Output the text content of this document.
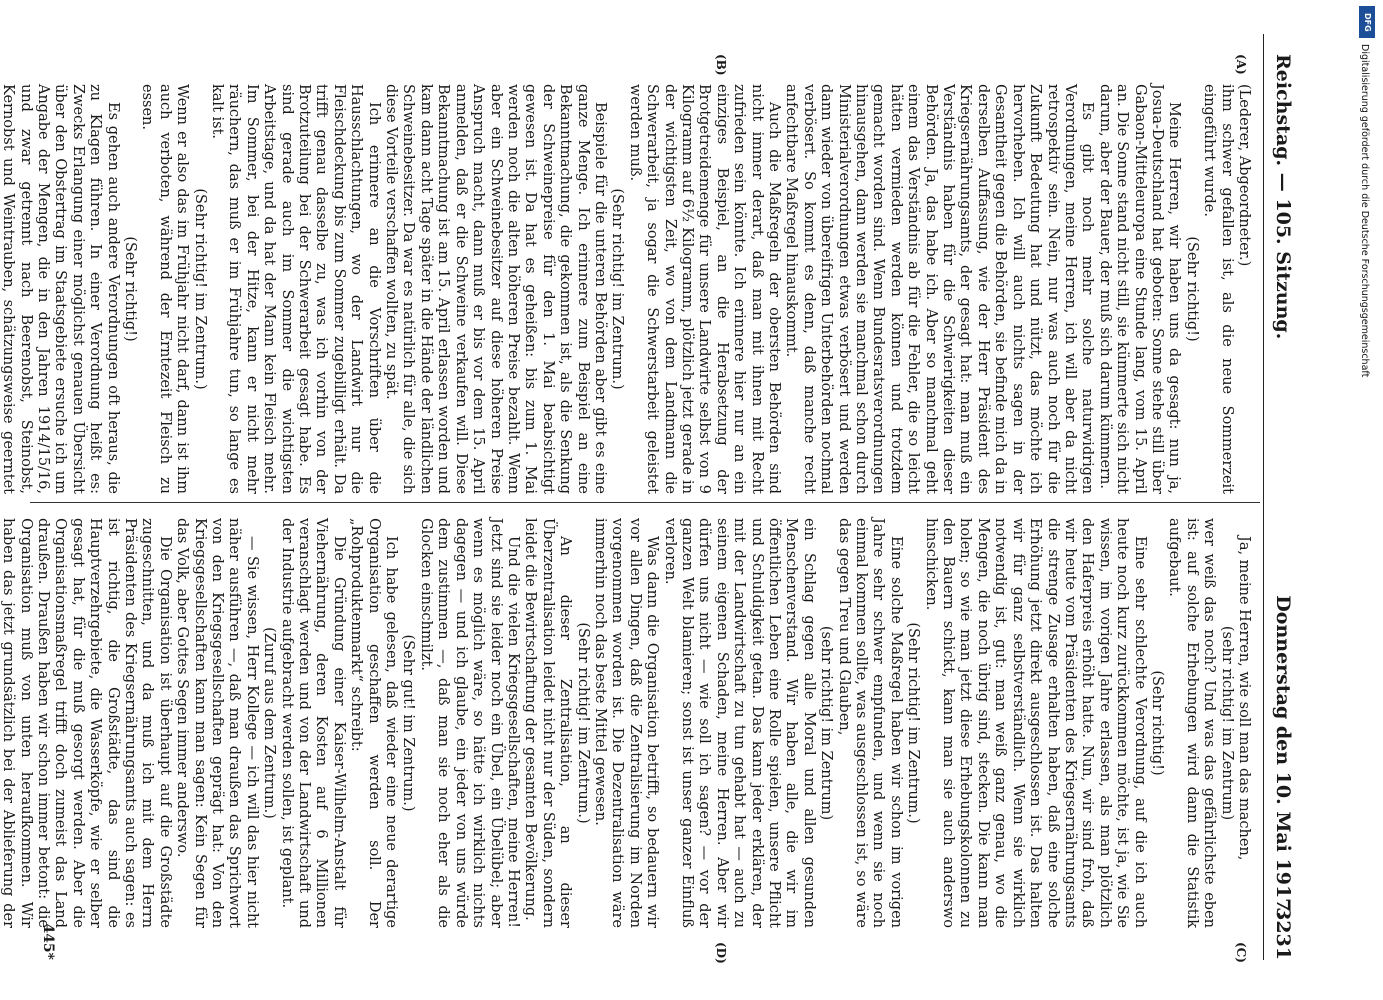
Reichstag. — 105. Sitzung.
Donnerstag den 10. Mai 1917.
3231
(A)
(B)
(C)
(D)

(Lederer, Abgeordneter.)

ihm schwer gefallen ist, als die neue Sommerzeit eingeführt wurde.

(Sehr richtig!)

Meine Herren, wir haben uns da gesagt: nun ja, Josua-Deutschland hat geboten: Sonne stehe still über Gabaon-Mitteleuropa eine Stunde lang, vom 15. April an. Die Sonne stand nicht still, sie kümmerte sich nicht darum, aber der Bauer, der muß sich darum kümmern.

Es gibt noch mehr solche naturwidrigen Verordnungen, meine Herren, ich will aber da nicht retrospektiv sein. Nein, nur was auch noch für die Zukunft Bedeutung hat und nützt, das möchte ich hervorheben. Ich will auch nichts sagen in der Gesamtheit gegen die Behörden, sie befinde mich da in derselben Auffassung, wie der Herr Präsident des Kriegsernährungsamts, der gesagt hat: man muß ein Verständnis haben für die Schwierigkeiten dieser Behörden. Ja, das habe ich. Aber so manchmal geht einem das Verständnis ab für die Fehler, die so leicht hätten vermieden werden können und trotzdem gemacht worden sind. Wenn Bundesratsverordnungen hinausgehen, dann werden sie manchmal schon durch Ministerialverordnungen etwas verbösert und werden dann wieder von übereifrigen Unterbehörden nochmal verbösert. So kommt es denn, daß manche recht anfechtbare Maßregel hinauskommt.

Auch die Maßregeln der obersten Behörden sind nicht immer derart, daß man mit ihnen mit Recht zufrieden sein könnte. Ich erinnere hier nur an ein einziges Beispiel, an die Herabsetzung der Brotgetreidemenge für unsere Landwirte selbst von 9 Kilogramm auf 6½ Kilogramm, plötzlich jetzt gerade in der wichtigsten Zeit, wo von dem Landmann die Schwerarbeit, ja sogar die Schwerstarbeit geleistet werden muß.

(Sehr richtig! im Zentrum.)

Beispiele für die unteren Behörden aber gibt es eine ganze Menge. Ich erinnere zum Beispiel an eine Bekanntmachung, die gekommen ist, als die Senkung der Schweinepreise für den 1. Mai beabsichtigt gewesen ist. Da hat es geheißen: bis zum 1. Mai werden noch die alten höheren Preise bezahlt. Wenn aber ein Schweinebesitzer auf diese höheren Preise Anspruch macht, dann muß er bis vor dem 15. April anmelden, daß er die Schweine verkaufen will. Diese Bekanntmachung ist am 15. April erlassen worden und kam dann acht Tage später in die Hände der ländlichen Schweinebesitzer. Da war es natürlich für alle, die sich diese Vorteile verschaffen wollten, zu spät.

Ich erinnere an die Vorschriften über die Hausschlachtungen, wo der Landwirt nur die Fleischdeckung bis zum Sommer zugebilligt erhält. Da trifft genau dasselbe zu, was ich vorhin von der Brotzuteilung bei der Schwerarbeit gesagt habe. Es sind gerade auch im Sommer die wichtigsten Arbeitstage, und da hat der Mann kein Fleisch mehr. Im Sommer, bei der Hitze, kann er nicht mehr räuchern, das muß er im Frühjahre tun, so lange es kalt ist.

(Sehr richtig! im Zentrum.)

Wenn er also das im Frühjahr nicht darf, dann ist ihm auch verboten, während der Erntezeit Fleisch zu essen.

(Sehr richtig!)

Es gehen auch andere Verordnungen oft heraus, die zu Klagen führen. In einer Verordnung heißt es: Zwecks Erlangung einer möglichst genauen Übersicht über den Obstertrag im Staatsgebiete ersuche ich um Angabe der Mengen, die in den Jahren 1914/15/16, und zwar getrennt nach Beerenobst, Steinobst, Kernobst und Weintrauben, schätzungsweise geerntet

Ja, meine Herren, wie soll man das machen,

(sehr richtig! im Zentrum)

wer weiß das noch? Und was das gefährlichste eben ist: auf solche Erhebungen wird dann die Statistik aufgebaut.

(Sehr richtig!)

Eine sehr schlechte Verordnung, auf die ich auch heute noch kurz zurückkommen möchte, ist ja, wie Sie wissen, im vorigen Jahre erlassen, als man plötzlich den Haferpreis erhöht hatte. Nun, wir sind froh, daß wir heute vom Präsidenten des Kriegsernährungsamts die strenge Zusage erhalten haben, daß eine solche Erhöhung jetzt direkt ausgeschlossen ist. Das halten wir für ganz selbstverständlich. Wenn sie wirklich notwendig ist, gut: man weiß ganz genau, wo die Mengen, die noch übrig sind, stecken. Die kann man holen; so wie man jetzt diese Erhebungskolonnen zu den Bauern schickt, kann man sie auch anderswo hinschicken.

(Sehr richtig! im Zentrum.)

Eine solche Maßregel haben wir schon im vorigen Jahre sehr schwer empfunden, und wenn sie noch einmal kommen sollte, was ausgeschlossen ist, so wäre das gegen Treu und Glauben,

(sehr richtig! im Zentrum)

ein Schlag gegen alle Moral und allen gesunden Menschenverstand. Wir haben alle, die wir im öffentlichen Leben eine Rolle spielen, unsere Pflicht und Schuldigkeit getan. Das kann jeder erklären, der mit der Landwirtschaft zu tun gehabt hat — auch zu seinem eigenen Schaden, meine Herren. Aber wir dürfen uns nicht — wie soll ich sagen? — vor der ganzen Welt blamieren; sonst ist unser ganzer Einfluß verloren.

Was dann die Organisation betrifft, so bedauern wir vor allen Dingen, daß die Zentralisierung im Norden vorgenommen worden ist. Die Dezentralisation wäre immerhin noch das beste Mittel gewesen.

(Sehr richtig! im Zentrum.)

An dieser Zentralisation, an dieser Überzentralisation leidet nicht nur der Süden, sondern leidet die Bewirtschaftung der gesamten Bevölkerung.

Und die vielen Kriegsgesellschaften, meine Herren! Jetzt sind sie leider noch ein Übel, ein Übelübel; aber wenn es möglich wäre, so hätte ich wirklich nichts dagegen — und ich glaube, ein jeder von uns würde dem zustimmen —, daß man sie noch eher als die Glocken einschmilzt.

(Sehr gut! im Zentrum.)

Ich habe gelesen, daß wieder eine neue derartige Organisation geschaffen werden soll. Der „Rohproduktenmarkt“ schreibt:

Die Gründung einer Kaiser-Wilhelm-Anstalt für Viehernährung, deren Kosten auf 6 Millionen veranschlagt werden und von der Landwirtschaft und der Industrie aufgebracht werden sollen, ist geplant.

(Zuruf aus dem Zentrum.)

— Sie wissen, Herr Kollege — ich will das hier nicht näher ausführen —, daß man draußen das Sprichwort von den Kriegsgesellschaften geprägt hat: Von den Kriegsgesellschaften kann man sagen: Kein Segen für das Volk, aber Gottes Segen immer anderswo.

Die Organisation ist überhaupt auf die Großstädte zugeschnitten, und da muß ich mit dem Herrn Präsidenten des Kriegsernährungsamts auch sagen: es ist richtig, die Großstädte, das sind die Hauptverzehrgebiete, die Wasserköpfe, wie er selber gesagt hat, für die muß gesorgt werden. Aber die Organisationsmaßregel trifft doch zumeist das Land draußen. Draußen haben wir schon immer betont: die Organisation muß von unten heraufkommen. Wir haben das jetzt grundsätzlich bei der Ablieferung der

445*
DFG
Digitalisierung gefördert durch die Deutsche Forschungsgemeinschaft
